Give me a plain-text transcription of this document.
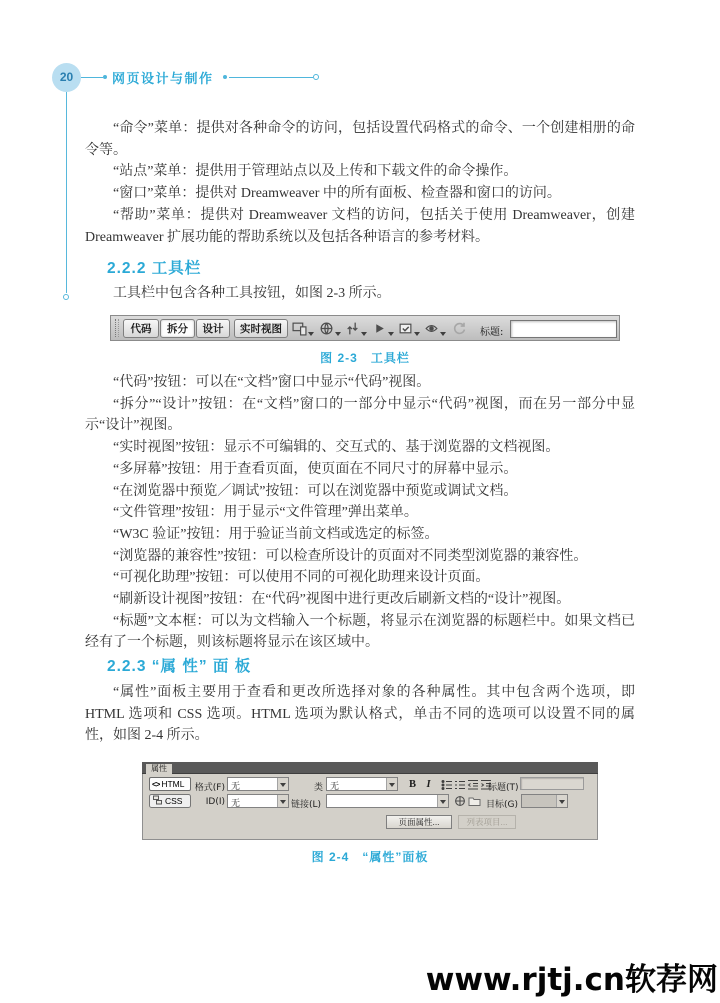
20	网页设计与制作

“命令”菜单：提供对各种命令的访问，包括设置代码格式的命令、一个创建相册的命令等。

“站点”菜单：提供用于管理站点以及上传和下载文件的命令操作。

“窗口”菜单：提供对 Dreamweaver 中的所有面板、检查器和窗口的访问。

“帮助”菜单：提供对 Dreamweaver 文档的访问，包括关于使用 Dreamweaver，创建 Dreamweaver 扩展功能的帮助系统以及包括各种语言的参考材料。

2.2.2 工具栏

工具栏中包含各种工具按钮，如图 2-3 所示。

代码	拆分	设计	实时视图	标题:
图 2-3　工具栏

“代码”按钮：可以在“文档”窗口中显示“代码”视图。

“拆分”“设计”按钮：在“文档”窗口的一部分中显示“代码”视图，而在另一部分中显示“设计”视图。

“实时视图”按钮：显示不可编辑的、交互式的、基于浏览器的文档视图。

“多屏幕”按钮：用于查看页面，使页面在不同尺寸的屏幕中显示。

“在浏览器中预览／调试”按钮：可以在浏览器中预览或调试文档。

“文件管理”按钮：用于显示“文件管理”弹出菜单。

“W3C 验证”按钮：用于验证当前文档或选定的标签。

“浏览器的兼容性”按钮：可以检查所设计的页面对不同类型浏览器的兼容性。

“可视化助理”按钮：可以使用不同的可视化助理来设计页面。

“刷新设计视图”按钮：在“代码”视图中进行更改后刷新文档的“设计”视图。

“标题”文本框：可以为文档输入一个标题，将显示在浏览器的标题栏中。如果文档已经有了一个标题，则该标题将显示在该区域中。

2.2.3 “属 性” 面 板

“属性”面板主要用于查看和更改所选择对象的各种属性。其中包含两个选项，即 HTML 选项和 CSS 选项。HTML 选项为默认格式，单击不同的选项可以设置不同的属性，如图 2-4 所示。

属性
<> HTML	格式(F) 无	类 无	B I	标题(T)
CSS	ID(I) 无	链接(L)	目标(G)
页面属性...	列表项目...
图 2-4　“属性”面板
www.rjtj.cn软荐网
